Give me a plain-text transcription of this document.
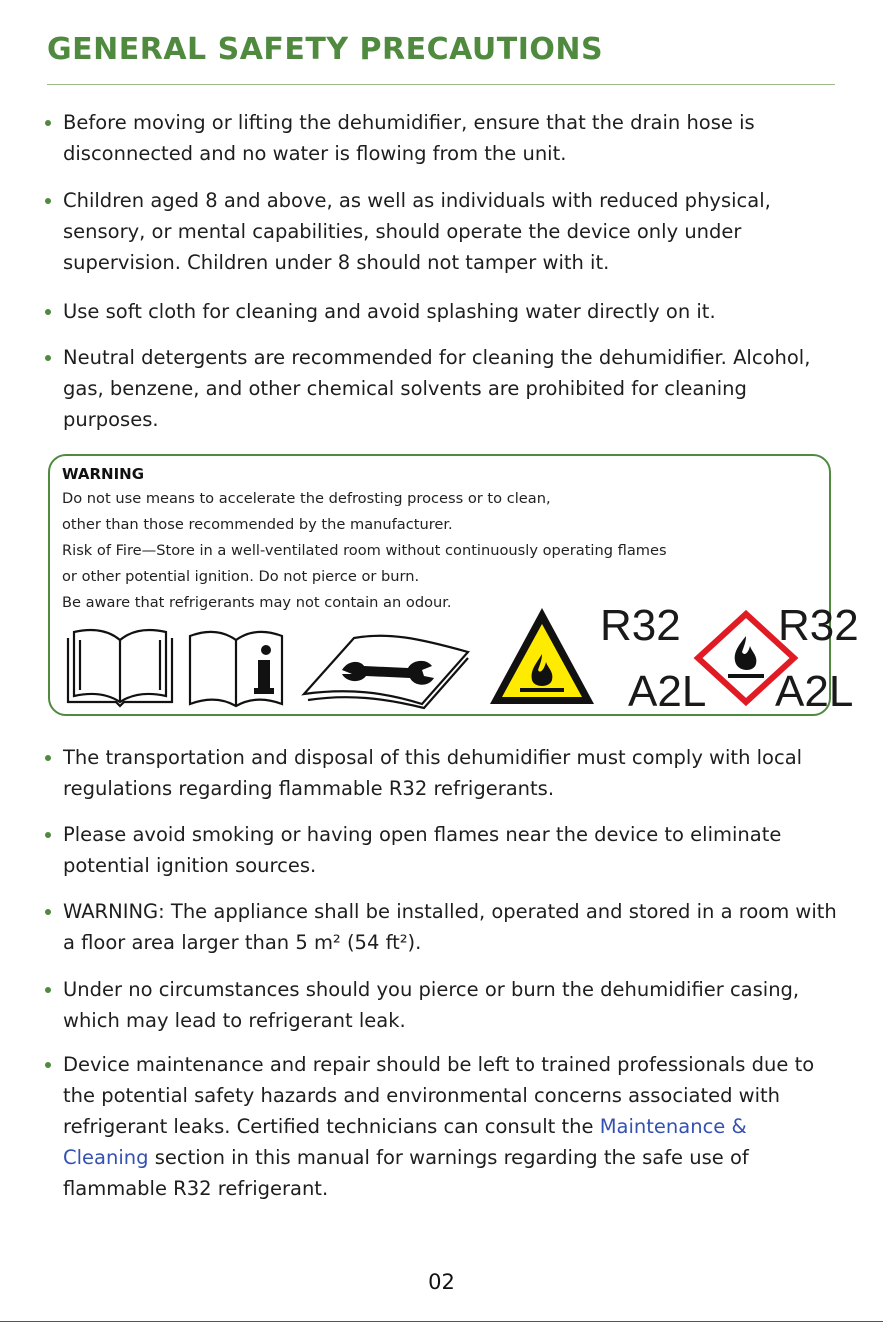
GENERAL SAFETY PRECAUTIONS
Before moving or lifting the dehumidifier, ensure that the drain hose is disconnected and no water is flowing from the unit.
Children aged 8 and above, as well as individuals with reduced physical, sensory, or mental capabilities, should operate the device only under supervision. Children under 8 should not tamper with it.
Use soft cloth for cleaning and avoid splashing water directly on it.
Neutral detergents are recommended for cleaning the dehumidifier. Alcohol, gas, benzene, and other chemical solvents are prohibited for cleaning purposes.
WARNING
Do not use means to accelerate the defrosting process or to clean,
other than those recommended by the manufacturer.
Risk of Fire—Store in a well-ventilated room without continuously operating flames
or other potential ignition. Do not pierce or burn.
Be aware that refrigerants may not contain an odour.	R32
A2L
R32
A2L
The transportation and disposal of this dehumidifier must comply with local regulations regarding flammable R32 refrigerants.
Please avoid smoking or having open flames near the device to eliminate potential ignition sources.
WARNING: The appliance shall be installed, operated and stored in a room with a floor area larger than 5 m² (54 ft²).
Under no circumstances should you pierce or burn the dehumidifier casing, which may lead to refrigerant leak.
Device maintenance and repair should be left to trained professionals due to the potential safety hazards and environmental concerns associated with refrigerant leaks. Certified technicians can consult the Maintenance & Cleaning section in this manual for warnings regarding the safe use of flammable R32 refrigerant.
02
